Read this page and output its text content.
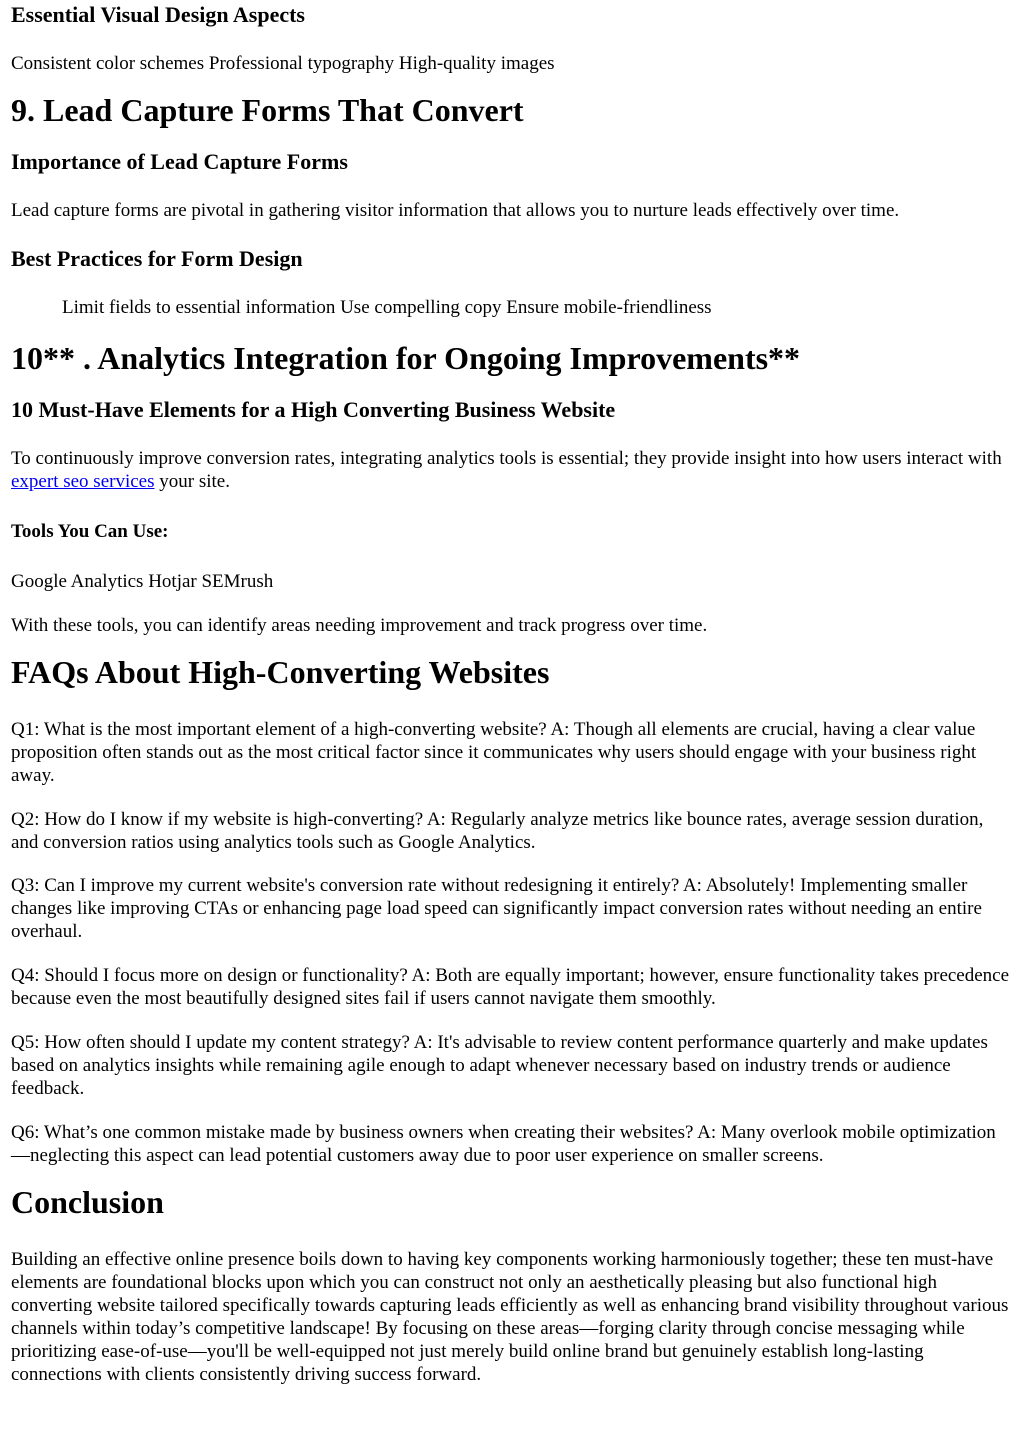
Essential Visual Design Aspects

Consistent color schemes Professional typography High-quality images

9. Lead Capture Forms That Convert
Importance of Lead Capture Forms

Lead capture forms are pivotal in gathering visitor information that allows you to nurture leads effectively over time.

Best Practices for Form Design

Limit fields to essential information Use compelling copy Ensure mobile-friendliness

10** . Analytics Integration for Ongoing Improvements**
10 Must-Have Elements for a High Converting Business Website

To continuously improve conversion rates, integrating analytics tools is essential; they provide insight into how users interact with expert seo services your site.

Tools You Can Use:

Google Analytics Hotjar SEMrush

With these tools, you can identify areas needing improvement and track progress over time.

FAQs About High-Converting Websites

Q1: What is the most important element of a high-converting website? A: Though all elements are crucial, having a clear value proposition often stands out as the most critical factor since it communicates why users should engage with your business right away.

Q2: How do I know if my website is high-converting? A: Regularly analyze metrics like bounce rates, average session duration, and conversion ratios using analytics tools such as Google Analytics.

Q3: Can I improve my current website's conversion rate without redesigning it entirely? A: Absolutely! Implementing smaller changes like improving CTAs or enhancing page load speed can significantly impact conversion rates without needing an entire overhaul.

Q4: Should I focus more on design or functionality? A: Both are equally important; however, ensure functionality takes precedence because even the most beautifully designed sites fail if users cannot navigate them smoothly.

Q5: How often should I update my content strategy? A: It's advisable to review content performance quarterly and make updates based on analytics insights while remaining agile enough to adapt whenever necessary based on industry trends or audience feedback.

Q6: What’s one common mistake made by business owners when creating their websites? A: Many overlook mobile optimization—neglecting this aspect can lead potential customers away due to poor user experience on smaller screens.

Conclusion

Building an effective online presence boils down to having key components working harmoniously together; these ten must-have elements are foundational blocks upon which you can construct not only an aesthetically pleasing but also functional high converting website tailored specifically towards capturing leads efficiently as well as enhancing brand visibility throughout various channels within today’s competitive landscape! By focusing on these areas—forging clarity through concise messaging while prioritizing ease-of-use—you'll be well-equipped not just merely build online brand but genuinely establish long-lasting connections with clients consistently driving success forward.
